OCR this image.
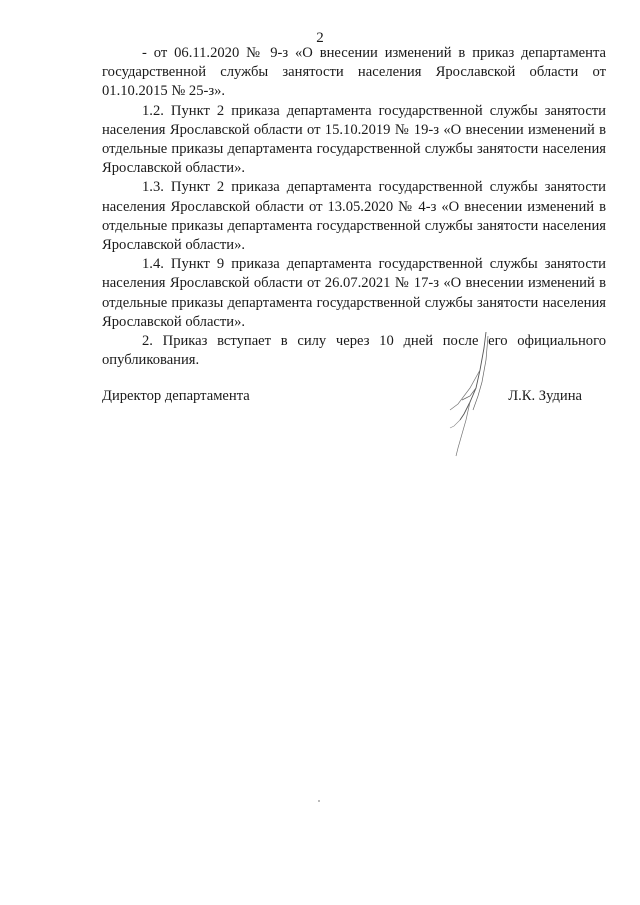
2

- от 06.11.2020 № 9-з «О внесении изменений в приказ департамента государственной службы занятости населения Ярославской области от 01.10.2015 № 25-з».

1.2. Пункт 2 приказа департамента государственной службы занятости населения Ярославской области от 15.10.2019 № 19-з «О внесении изменений в отдельные приказы департамента государственной службы занятости населения Ярославской области».

1.3. Пункт 2 приказа департамента государственной службы занятости населения Ярославской области от 13.05.2020 № 4-з «О внесении изменений в отдельные приказы департамента государственной службы занятости населения Ярославской области».

1.4. Пункт 9 приказа департамента государственной службы занятости населения Ярославской области от 26.07.2021 № 17-з «О внесении изменений в отдельные приказы департамента государственной службы занятости населения Ярославской области».

2. Приказ вступает в силу через 10 дней после его официального опубликования.

Директор департамента	Л.К. Зудина
